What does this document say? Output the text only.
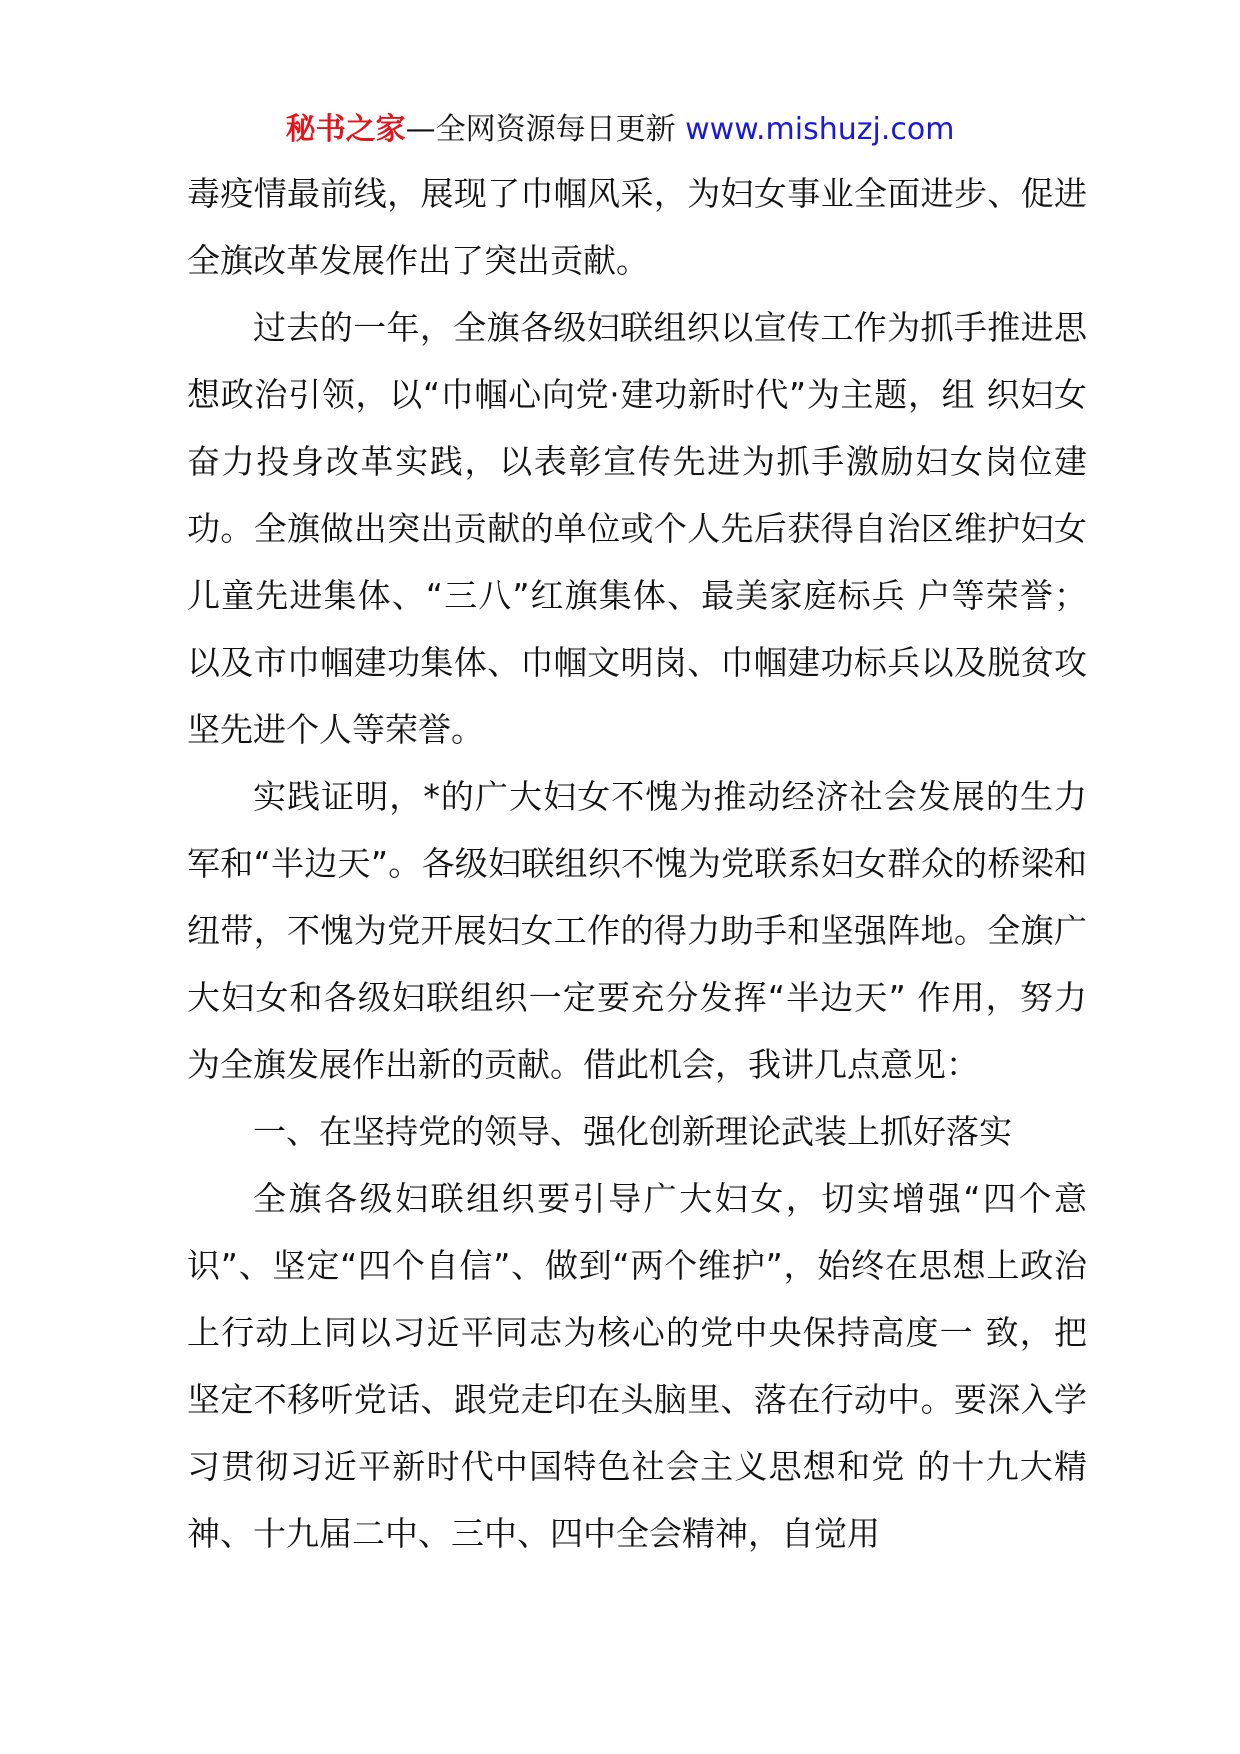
秘书之家—全网资源每日更新 www.mishuzj.com

毒疫情最前线，展现了巾帼风采，为妇女事业全面进步、促进全旗改革发展作出了突出贡献。

过去的一年，全旗各级妇联组织以宣传工作为抓手推进思想政治引领，以“巾帼心向党·建功新时代”为主题，组 织妇女奋力投身改革实践，以表彰宣传先进为抓手激励妇女岗位建功。全旗做出突出贡献的单位或个人先后获得自治区维护妇女儿童先进集体、“三八”红旗集体、最美家庭标兵 户等荣誉；以及市巾帼建功集体、巾帼文明岗、巾帼建功标兵以及脱贫攻坚先进个人等荣誉。

实践证明，*的广大妇女不愧为推动经济社会发展的生力军和“半边天”。各级妇联组织不愧为党联系妇女群众的桥梁和纽带，不愧为党开展妇女工作的得力助手和坚强阵地。全旗广大妇女和各级妇联组织一定要充分发挥“半边天” 作用，努力为全旗发展作出新的贡献。借此机会，我讲几点意见：

一、在坚持党的领导、强化创新理论武装上抓好落实

全旗各级妇联组织要引导广大妇女，切实增强“四个意识”、坚定“四个自信”、做到“两个维护”，始终在思想上政治上行动上同以习近平同志为核心的党中央保持高度一 致，把坚定不移听党话、跟党走印在头脑里、落在行动中。要深入学习贯彻习近平新时代中国特色社会主义思想和党 的十九大精神、十九届二中、三中、四中全会精神，自觉用
